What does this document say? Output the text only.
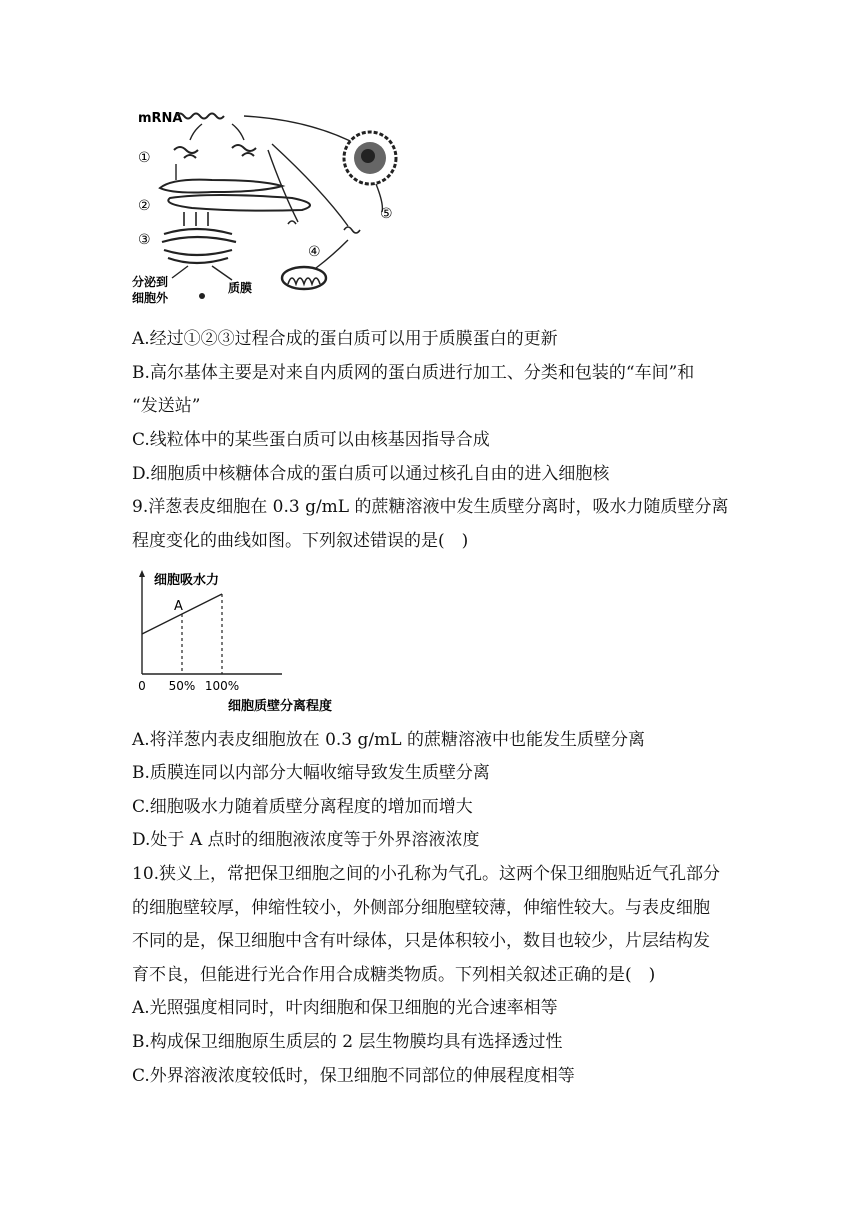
mRNA
①
②
③
分泌到
细胞外
质膜
⑤
④
A.经过①②③过程合成的蛋白质可以用于质膜蛋白的更新
B.高尔基体主要是对来自内质网的蛋白质进行加工、分类和包装的“车间”和
“发送站”
C.线粒体中的某些蛋白质可以由核基因指导合成
D.细胞质中核糖体合成的蛋白质可以通过核孔自由的进入细胞核
9.洋葱表皮细胞在 0.3 g/mL 的蔗糖溶液中发生质壁分离时，吸水力随质壁分离
程度变化的曲线如图。下列叙述错误的是(　)
细胞吸水力
细胞质壁分离程度
A
0 50% 100%
A.将洋葱内表皮细胞放在 0.3 g/mL 的蔗糖溶液中也能发生质壁分离
B.质膜连同以内部分大幅收缩导致发生质壁分离
C.细胞吸水力随着质壁分离程度的增加而增大
D.处于 A 点时的细胞液浓度等于外界溶液浓度
10.狭义上，常把保卫细胞之间的小孔称为气孔。这两个保卫细胞贴近气孔部分
的细胞壁较厚，伸缩性较小，外侧部分细胞壁较薄，伸缩性较大。与表皮细胞
不同的是，保卫细胞中含有叶绿体，只是体积较小，数目也较少，片层结构发
育不良，但能进行光合作用合成糖类物质。下列相关叙述正确的是(　)
A.光照强度相同时，叶肉细胞和保卫细胞的光合速率相等
B.构成保卫细胞原生质层的 2 层生物膜均具有选择透过性
C.外界溶液浓度较低时，保卫细胞不同部位的伸展程度相等
